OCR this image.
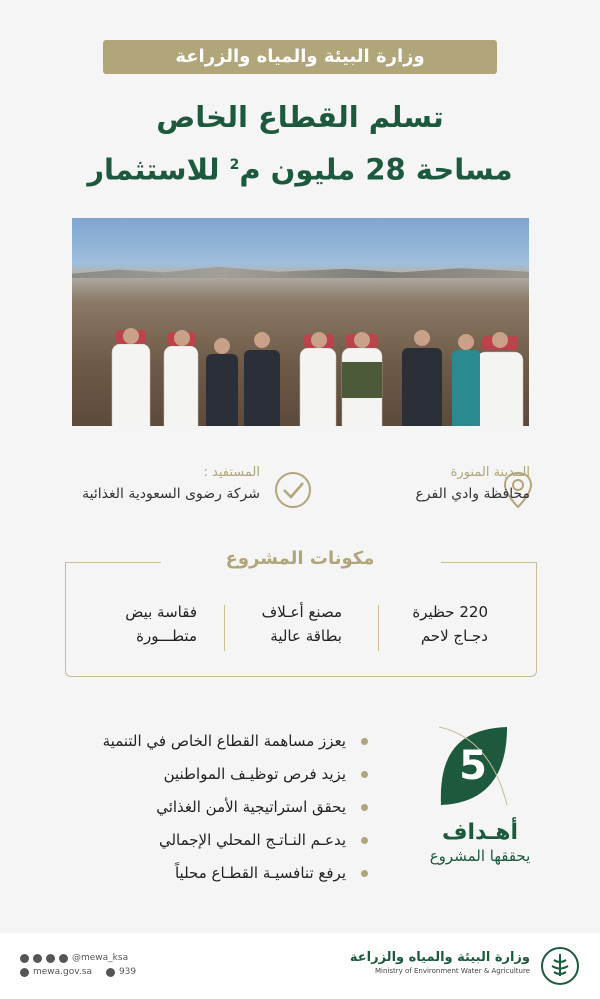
وزارة البيئة والمياه والزراعة
تسلم القطاع الخاص
مساحة 28 مليون م$^2$ للاستثمار
المدينة المنورة
محافظة وادي الفرع
المستفيد :
شركة رضوى السعودية الغذائية
مكونات المشروع
220 حظيرة
دجـاج لاحم
مصنع أعـلاف
بطاقة عالية
فقاسة بيض
متطـــورة
5
أهـداف
يحققها المشروع
يعزز مساهمة القطاع الخاص في التنمية
يزيد فرص توظيـف المواطنين
يحقق استراتيجية الأمن الغذائي
يدعـم النـاتـج المحلي الإجمالي
يرفع تنافسيـة القطـاع محلياً
@mewa_ksa
mewa.gov.sa	939
وزارة البيئة والمياه والزراعة
Ministry of Environment Water & Agriculture
